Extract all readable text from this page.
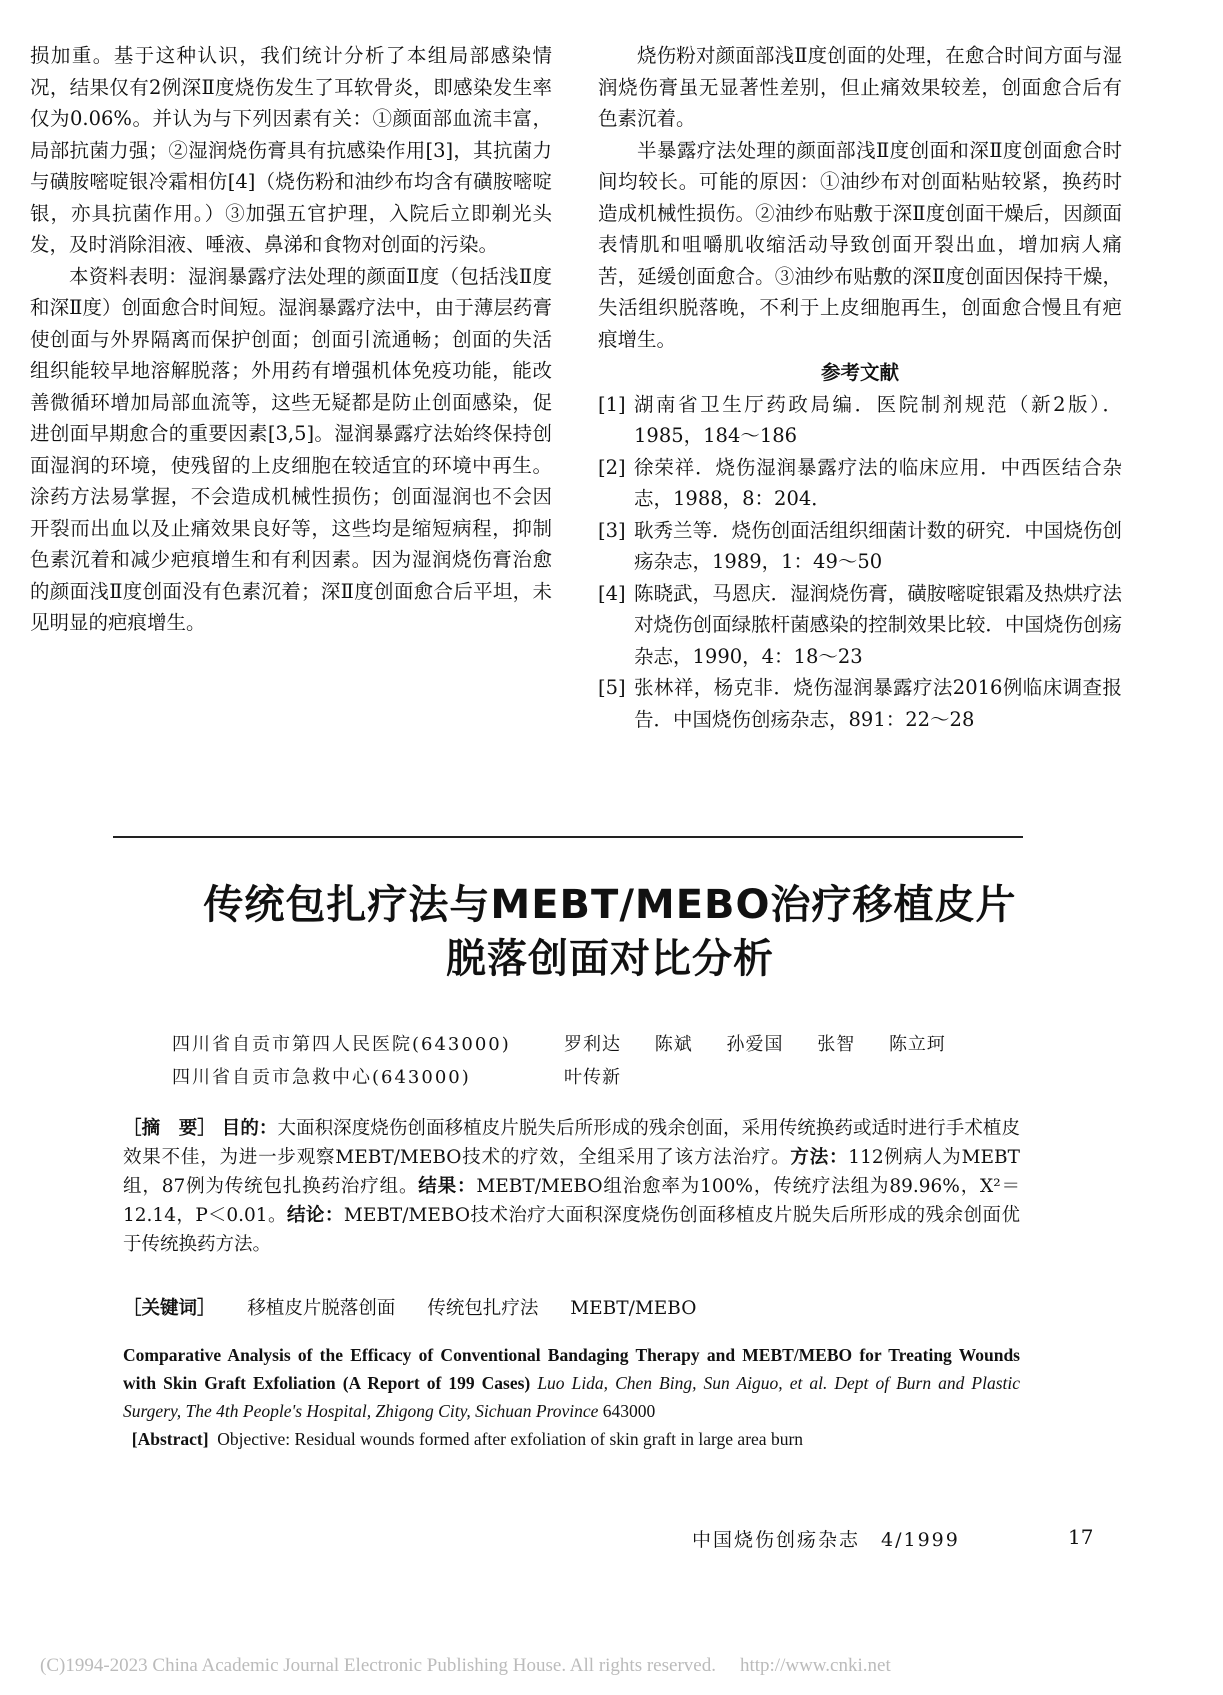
损加重。基于这种认识，我们统计分析了本组局部感染情况，结果仅有2例深Ⅱ度烧伤发生了耳软骨炎，即感染发生率仅为0.06%。并认为与下列因素有关：①颜面部血流丰富，局部抗菌力强；②湿润烧伤膏具有抗感染作用[3]，其抗菌力与磺胺嘧啶银冷霜相仿[4]（烧伤粉和油纱布均含有磺胺嘧啶银，亦具抗菌作用。）③加强五官护理，入院后立即剃光头发，及时消除泪液、唾液、鼻涕和食物对创面的污染。

本资料表明：湿润暴露疗法处理的颜面Ⅱ度（包括浅Ⅱ度和深Ⅱ度）创面愈合时间短。湿润暴露疗法中，由于薄层药膏使创面与外界隔离而保护创面；创面引流通畅；创面的失活组织能较早地溶解脱落；外用药有增强机体免疫功能，能改善微循环增加局部血流等，这些无疑都是防止创面感染，促进创面早期愈合的重要因素[3,5]。湿润暴露疗法始终保持创面湿润的环境，使残留的上皮细胞在较适宜的环境中再生。涂药方法易掌握，不会造成机械性损伤；创面湿润也不会因开裂而出血以及止痛效果良好等，这些均是缩短病程，抑制色素沉着和减少疤痕增生和有利因素。因为湿润烧伤膏治愈的颜面浅Ⅱ度创面没有色素沉着；深Ⅱ度创面愈合后平坦，未见明显的疤痕增生。

烧伤粉对颜面部浅Ⅱ度创面的处理，在愈合时间方面与湿润烧伤膏虽无显著性差别，但止痛效果较差，创面愈合后有色素沉着。

半暴露疗法处理的颜面部浅Ⅱ度创面和深Ⅱ度创面愈合时间均较长。可能的原因：①油纱布对创面粘贴较紧，换药时造成机械性损伤。②油纱布贴敷于深Ⅱ度创面干燥后，因颜面表情肌和咀嚼肌收缩活动导致创面开裂出血，增加病人痛苦，延缓创面愈合。③油纱布贴敷的深Ⅱ度创面因保持干燥，失活组织脱落晚，不利于上皮细胞再生，创面愈合慢且有疤痕增生。

参考文献

[1] 湖南省卫生厅药政局编．医院制剂规范（新2版）．1985，184～186
[2] 徐荣祥．烧伤湿润暴露疗法的临床应用．中西医结合杂志，1988，8：204．
[3] 耿秀兰等．烧伤创面活组织细菌计数的研究．中国烧伤创疡杂志，1989，1：49～50
[4] 陈晓武，马恩庆．湿润烧伤膏，磺胺嘧啶银霜及热烘疗法对烧伤创面绿脓杆菌感染的控制效果比较．中国烧伤创疡杂志，1990，4：18～23
[5] 张林祥，杨克非．烧伤湿润暴露疗法2016例临床调查报告．中国烧伤创疡杂志，891：22～28
传统包扎疗法与MEBT/MEBO治疗移植皮片
脱落创面对比分析
四川省自贡市第四人民医院(643000)	罗利达 陈斌 孙爱国 张智 陈立珂
四川省自贡市急救中心(643000)	叶传新
［摘　要］ 目的：大面积深度烧伤创面移植皮片脱失后所形成的残余创面，采用传统换药或适时进行手术植皮效果不佳，为进一步观察MEBT/MEBO技术的疗效，全组采用了该方法治疗。方法：112例病人为MEBT组，87例为传统包扎换药治疗组。结果：MEBT/MEBO组治愈率为100%，传统疗法组为89.96%，X²＝12.14，P＜0.01。结论：MEBT/MEBO技术治疗大面积深度烧伤创面移植皮片脱失后所形成的残余创面优于传统换药方法。
［关键词］ 移植皮片脱落创面 传统包扎疗法 MEBT/MEBO
Comparative Analysis of the Efficacy of Conventional Bandaging Therapy and MEBT/MEBO for Treating Wounds with Skin Graft Exfoliation (A Report of 199 Cases) Luo Lida, Chen Bing, Sun Aiguo, et al. Dept of Burn and Plastic Surgery, The 4th People's Hospital, Zhigong City, Sichuan Province 643000
[Abstract] Objective: Residual wounds formed after exfoliation of skin graft in large area burn
中国烧伤创疡杂志　4/1999	17
(C)1994-2023 China Academic Journal Electronic Publishing House. All rights reserved. http://www.cnki.net
